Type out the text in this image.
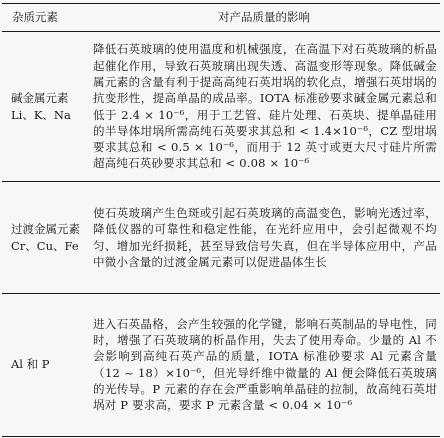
杂质元素	对产品质量的影响
碱金属元素 Li、K、Na	降低石英玻璃的使用温度和机械强度，在高温下对石英玻璃的析晶起催化作用，导致石英玻璃出现失透、高温变形等现象。降低碱金属元素的含量有利于提高高纯石英坩埚的软化点，增强石英坩埚的抗变形性，提高单晶的成品率。IOTA 标准砂要求碱金属元素总和低于 2.4 × 10⁻⁶，用于工艺管、硅片处理、石英块、提单晶硅用的半导体坩埚所需高纯石英要求其总和 < 1.4×10⁻⁶，CZ 型坩埚要求其总和 < 0.5 × 10⁻⁶，而用于 12 英寸或更大尺寸硅片所需超高纯石英砂要求其总和 < 0.08 × 10⁻⁶
过渡金属元素 Cr、Cu、Fe	使石英玻璃产生色斑或引起石英玻璃的高温变色，影响光透过率，降低仪器的可靠性和稳定性能，在光纤应用中，会引起微观不均匀、增加光纤损耗，甚至导致信号失真，但在半导体应用中，产品中微小含量的过渡金属元素可以促进晶体生长
Al 和 P	进入石英晶格，会产生较强的化学键，影响石英制品的导电性，同时，增强了石英玻璃的析晶作用，失去了使用寿命。少量的 Al 不会影响到高纯石英产品的质量，IOTA 标准砂要求 Al 元素含量（12 ~ 18）×10⁻⁶，但光导纤维中微量的 Al 便会降低石英玻璃的光传导。P 元素的存在会严重影响单晶硅的拉制，故高纯石英坩埚对 P 要求高，要求 P 元素含量 < 0.04 × 10⁻⁶
